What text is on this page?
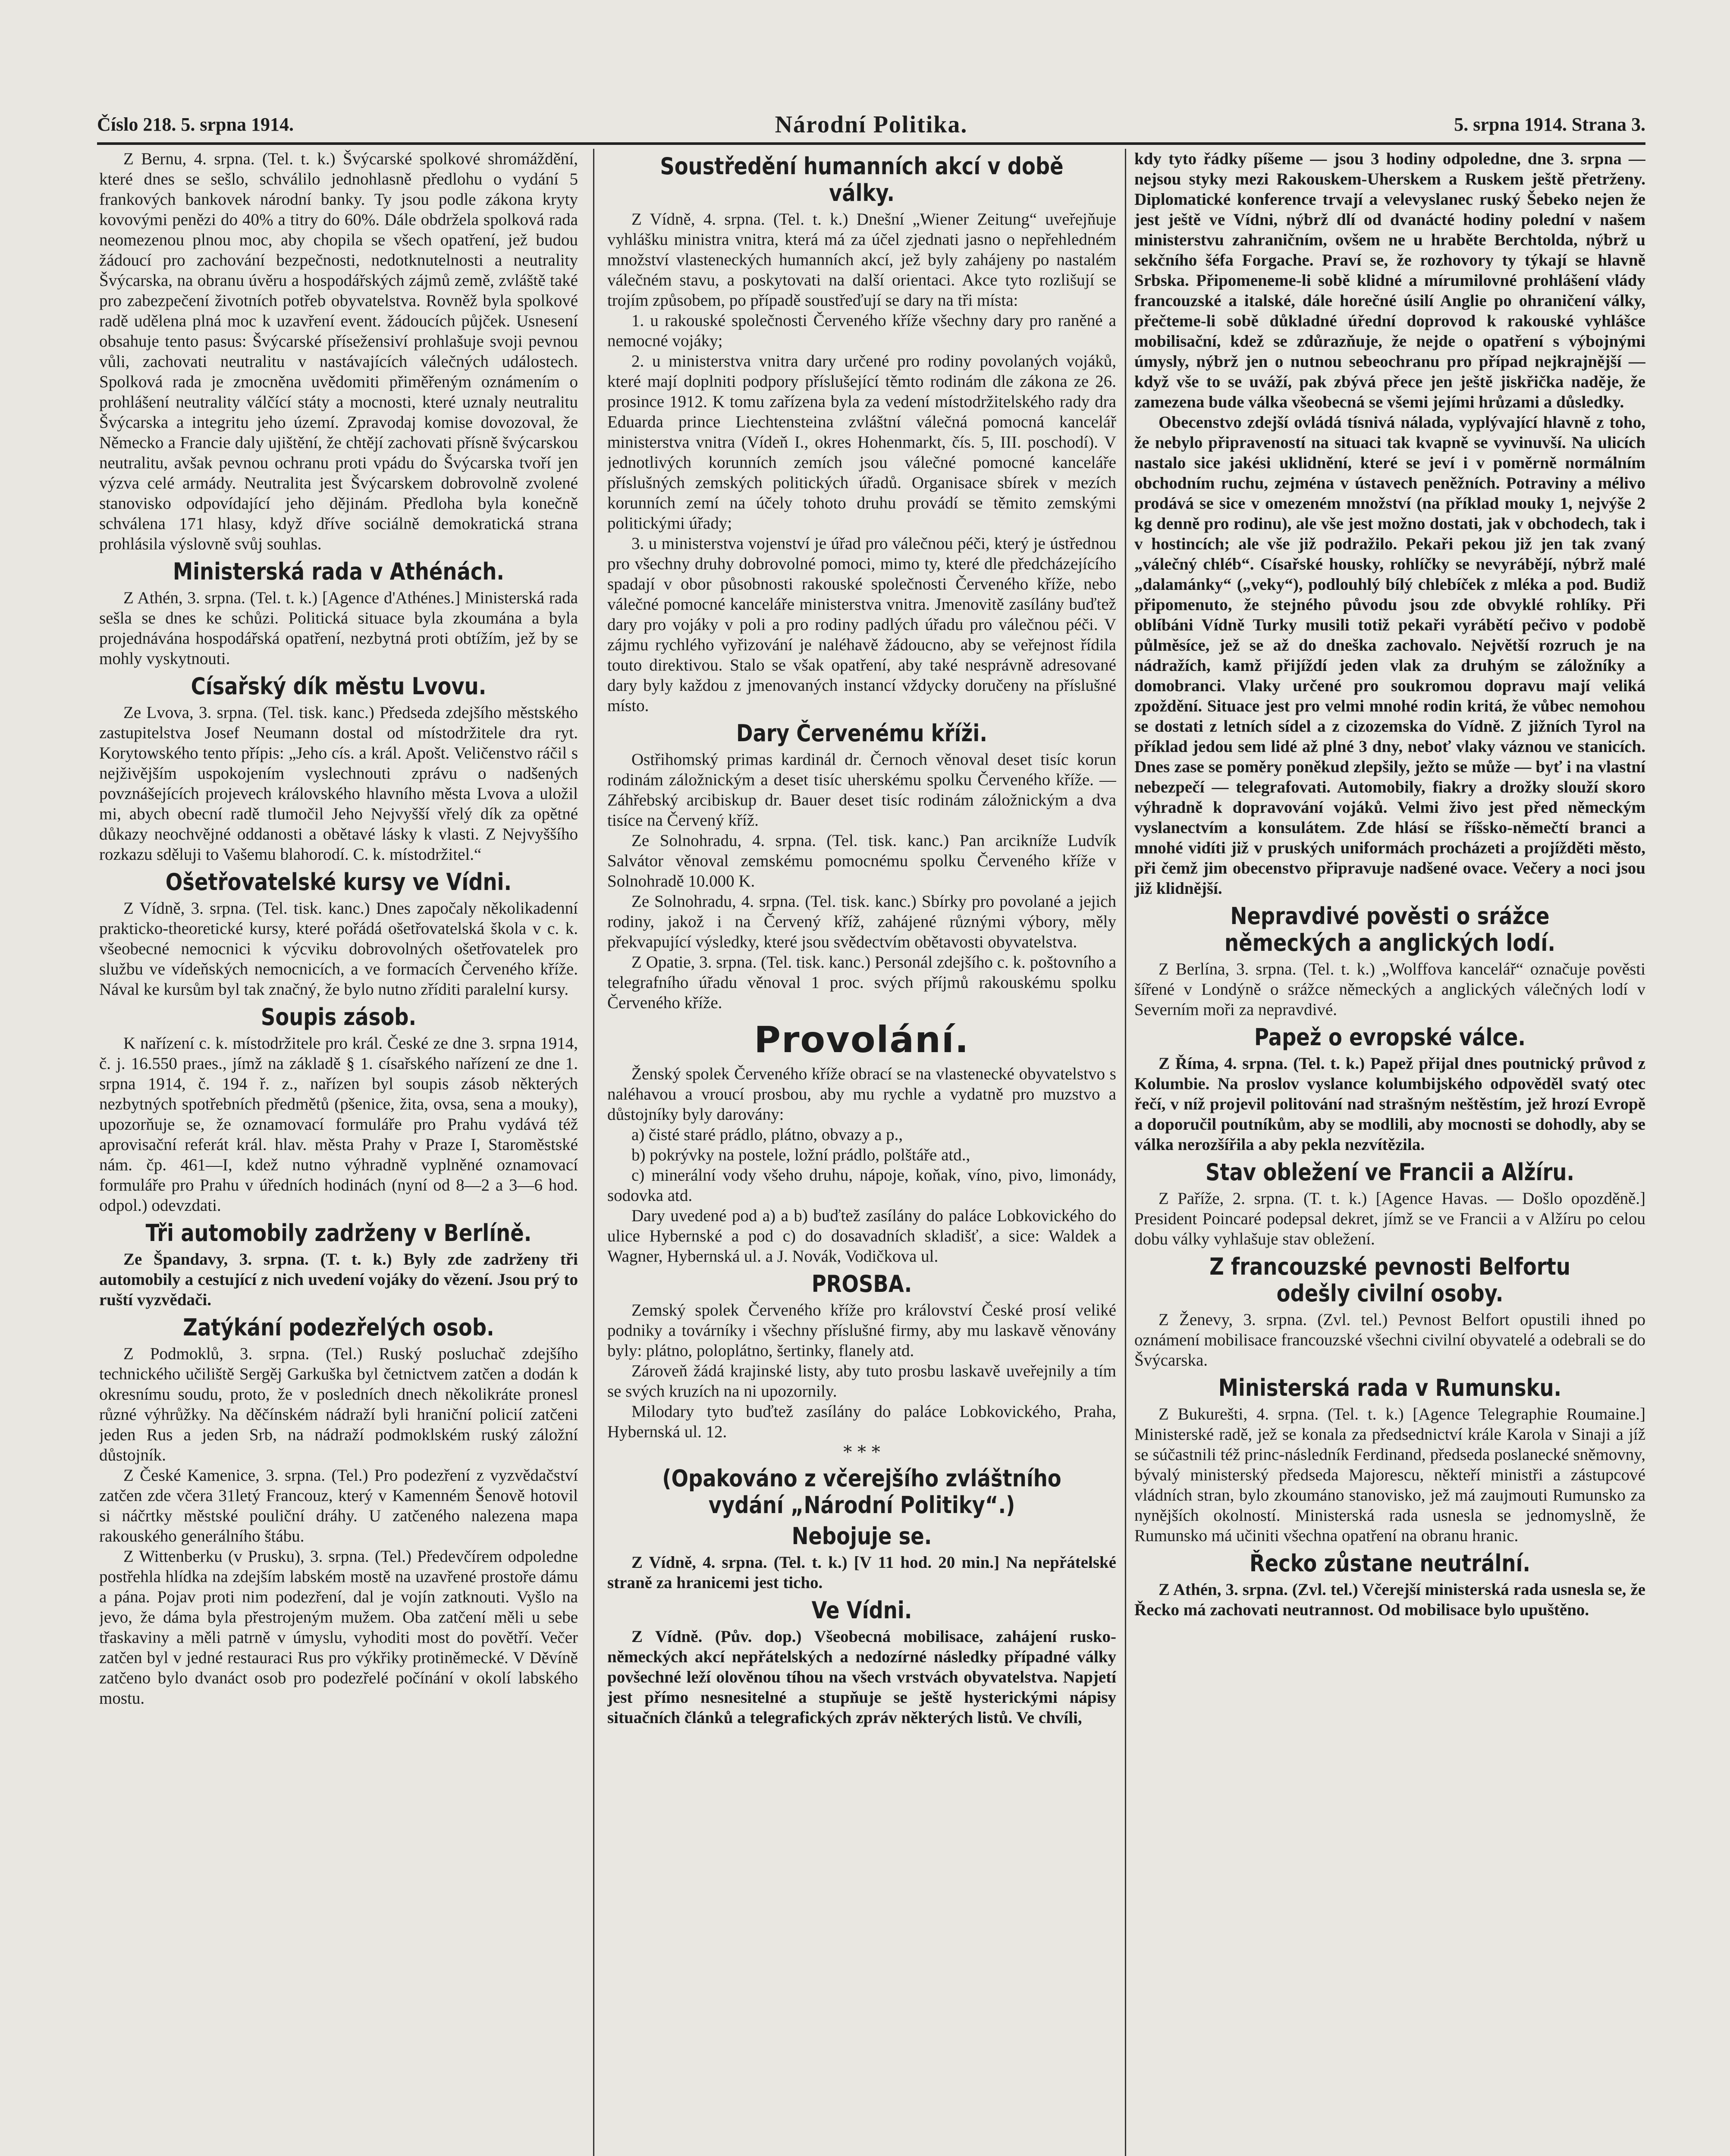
Číslo 218. 5. srpna 1914.	Národní Politika.	5. srpna 1914. Strana 3.

Z Bernu, 4. srpna. (Tel. t. k.) Švýcarské spolkové shromáždění, které dnes se sešlo, schválilo jednohlasně předlohu o vydání 5 frankových bankovek národní banky. Ty jsou podle zákona kryty kovovými penězi do 40% a titry do 60%. Dále obdržela spolková rada neomezenou plnou moc, aby chopila se všech opatření, jež budou žádoucí pro zachování bezpečnosti, nedotknutelnosti a neutrality Švýcarska, na obranu úvěru a hospodářských zájmů země, zvláště také pro zabezpečení životních potřeb obyvatelstva. Rovněž byla spolkové radě udělena plná moc k uzavření event. žádoucích půjček. Usnesení obsahuje tento pasus: Švýcarské přísežensiví prohlašuje svoji pevnou vůli, zachovati neutralitu v nastávajících válečných událostech. Spolková rada je zmocněna uvědomiti přiměřeným oznámením o prohlášení neutrality válčící státy a mocnosti, které uznaly neutralitu Švýcarska a integritu jeho území. Zpravodaj komise dovozoval, že Německo a Francie daly ujištění, že chtějí zachovati přísně švýcarskou neutralitu, avšak pevnou ochranu proti vpádu do Švýcarska tvoří jen výzva celé armády. Neutralita jest Švýcarskem dobrovolně zvolené stanovisko odpovídající jeho dějinám. Předloha byla konečně schválena 171 hlasy, když dříve sociálně demokratická strana prohlásila výslovně svůj souhlas.

Ministerská rada v Athénách.

Z Athén, 3. srpna. (Tel. t. k.) [Agence d'Athénes.] Ministerská rada sešla se dnes ke schůzi. Politická situace byla zkoumána a byla projednávána hospodářská opatření, nezbytná proti obtížím, jež by se mohly vyskytnouti.

Císařský dík městu Lvovu.

Ze Lvova, 3. srpna. (Tel. tisk. kanc.) Předseda zdejšího městského zastupitelstva Josef Neumann dostal od místodržitele dra ryt. Korytowského tento přípis: „Jeho cís. a král. Apošt. Veličenstvo ráčil s nejživějším uspokojením vyslechnouti zprávu o nadšených povznášejících projevech královského hlavního města Lvova a uložil mi, abych obecní radě tlumočil Jeho Nejvyšší vřelý dík za opětné důkazy neochvějné oddanosti a obětavé lásky k vlasti. Z Nejvyššího rozkazu sděluji to Vašemu blahorodí. C. k. místodržitel.“

Ošetřovatelské kursy ve Vídni.

Z Vídně, 3. srpna. (Tel. tisk. kanc.) Dnes započaly několikadenní prakticko-theoretické kursy, které pořádá ošetřovatelská škola v c. k. všeobecné nemocnici k výcviku dobrovolných ošetřovatelek pro službu ve vídeňských nemocnicích, a ve formacích Červeného kříže. Nával ke kursům byl tak značný, že bylo nutno zříditi paralelní kursy.

Soupis zásob.

K nařízení c. k. místodržitele pro král. České ze dne 3. srpna 1914, č. j. 16.550 praes., jímž na základě § 1. císařského nařízení ze dne 1. srpna 1914, č. 194 ř. z., nařízen byl soupis zásob některých nezbytných spotřebních předmětů (pšenice, žita, ovsa, sena a mouky), upozorňuje se, že oznamovací formuláře pro Prahu vydává též aprovisační referát král. hlav. města Prahy v Praze I, Staroměstské nám. čp. 461—I, kdež nutno výhradně vyplněné oznamovací formuláře pro Prahu v úředních hodinách (nyní od 8—2 a 3—6 hod. odpol.) odevzdati.

Tři automobily zadrženy v Berlíně.

Ze Špandavy, 3. srpna. (T. t. k.) Byly zde zadrženy tři automobily a cestující z nich uvedení vojáky do vězení. Jsou prý to ruští vyzvědači.

Zatýkání podezřelých osob.

Z Podmoklů, 3. srpna. (Tel.) Ruský posluchač zdejšího technického učiliště Sergěj Garkuška byl četnictvem zatčen a dodán k okresnímu soudu, proto, že v posledních dnech několikráte pronesl různé výhrůžky. Na děčínském nádraží byli hraniční policií zatčeni jeden Rus a jeden Srb, na nádraží podmoklském ruský záložní důstojník.

Z České Kamenice, 3. srpna. (Tel.) Pro podezření z vyzvědačství zatčen zde včera 31letý Francouz, který v Kamenném Šenově hotovil si náčrtky městské pouliční dráhy. U zatčeného nalezena mapa rakouského generálního štábu.

Z Wittenberku (v Prusku), 3. srpna. (Tel.) Předevčírem odpoledne postřehla hlídka na zdejším labském mostě na uzavřené prostoře dámu a pána. Pojav proti nim podezření, dal je vojín zatknouti. Vyšlo na jevo, že dáma byla přestrojeným mužem. Oba zatčení měli u sebe třaskaviny a měli patrně v úmyslu, vyhoditi most do povětří. Večer zatčen byl v jedné restauraci Rus pro výkřiky protiněmecké. V Děvíně zatčeno bylo dvanáct osob pro podezřelé počínání v okolí labského mostu.

Soustředění humanních akcí v době války.

Z Vídně, 4. srpna. (Tel. t. k.) Dnešní „Wiener Zeitung“ uveřejňuje vyhlášku ministra vnitra, která má za účel zjednati jasno o nepřehledném množství vlasteneckých humanních akcí, jež byly zahájeny po nastalém válečném stavu, a poskytovati na další orientaci. Akce tyto rozlišují se trojím způsobem, po případě soustřeďují se dary na tři místa:

1. u rakouské společnosti Červeného kříže všechny dary pro raněné a nemocné vojáky;

2. u ministerstva vnitra dary určené pro rodiny povolaných vojáků, které mají doplniti podpory příslušející těmto rodinám dle zákona ze 26. prosince 1912. K tomu zařízena byla za vedení místodržitelského rady dra Eduarda prince Liechtensteina zvláštní válečná pomocná kancelář ministerstva vnitra (Vídeň I., okres Hohenmarkt, čís. 5, III. poschodí). V jednotlivých korunních zemích jsou válečné pomocné kanceláře příslušných zemských politických úřadů. Organisace sbírek v mezích korunních zemí na účely tohoto druhu provádí se těmito zemskými politickými úřady;

3. u ministerstva vojenství je úřad pro válečnou péči, který je ústřednou pro všechny druhy dobrovolné pomoci, mimo ty, které dle předcházejícího spadají v obor působnosti rakouské společnosti Červeného kříže, nebo válečné pomocné kanceláře ministerstva vnitra. Jmenovitě zasílány buďtež dary pro vojáky v poli a pro rodiny padlých úřadu pro válečnou péči. V zájmu rychlého vyřizování je naléhavě žádoucno, aby se veřejnost řídila touto direktivou. Stalo se však opatření, aby také nesprávně adresované dary byly každou z jmenovaných instancí vždycky doručeny na příslušné místo.

Dary Červenému kříži.

Ostřihomský primas kardinál dr. Černoch věnoval deset tisíc korun rodinám záložnickým a deset tisíc uherskému spolku Červeného kříže. — Záhřebský arcibiskup dr. Bauer deset tisíc rodinám záložnickým a dva tisíce na Červený kříž.

Ze Solnohradu, 4. srpna. (Tel. tisk. kanc.) Pan arcikníže Ludvík Salvátor věnoval zemskému pomocnému spolku Červeného kříže v Solnohradě 10.000 K.

Ze Solnohradu, 4. srpna. (Tel. tisk. kanc.) Sbírky pro povolané a jejich rodiny, jakož i na Červený kříž, zahájené různými výbory, měly překvapující výsledky, které jsou svědectvím obětavosti obyvatelstva.

Z Opatie, 3. srpna. (Tel. tisk. kanc.) Personál zdejšího c. k. poštovního a telegrafního úřadu věnoval 1 proc. svých příjmů rakouskému spolku Červeného kříže.

Provolání.

Ženský spolek Červeného kříže obrací se na vlastenecké obyvatelstvo s naléhavou a vroucí prosbou, aby mu rychle a vydatně pro muzstvo a důstojníky byly darovány:

a) čisté staré prádlo, plátno, obvazy a p.,

b) pokrývky na postele, ložní prádlo, polštáře atd.,

c) minerální vody všeho druhu, nápoje, koňak, víno, pivo, limonády, sodovka atd.

Dary uvedené pod a) a b) buďtež zasílány do paláce Lobkovického do ulice Hybernské a pod c) do dosavadních skladišť, a sice: Waldek a Wagner, Hybernská ul. a J. Novák, Vodičkova ul.

PROSBA.

Zemský spolek Červeného kříže pro království České prosí veliké podniky a továrníky i všechny příslušné firmy, aby mu laskavě věnovány byly: plátno, poloplátno, šertinky, flanely atd.

Zároveň žádá krajinské listy, aby tuto prosbu laskavě uveřejnily a tím se svých kruzích na ni upozornily.

Milodary tyto buďtež zasílány do paláce Lobkovického, Praha, Hybernská ul. 12.

* * *
(Opakováno z včerejšího zvláštního vydání „Národní Politiky“.)
Nebojuje se.

Z Vídně, 4. srpna. (Tel. t. k.) [V 11 hod. 20 min.] Na nepřátelské straně za hranicemi jest ticho.

Ve Vídni.

Z Vídně. (Pův. dop.) Všeobecná mobilisace, zahájení rusko-německých akcí nepřátelských a nedozírné následky případné války povšechné leží olověnou tíhou na všech vrstvách obyvatelstva. Napjetí jest přímo nesnesitelné a stupňuje se ještě hysterickými nápisy situačních článků a telegrafických zpráv některých listů. Ve chvíli,

kdy tyto řádky píšeme — jsou 3 hodiny odpoledne, dne 3. srpna — nejsou styky mezi Rakouskem-Uherskem a Ruskem ještě přetrženy. Diplomatické konference trvají a velevyslanec ruský Šebeko nejen že jest ještě ve Vídni, nýbrž dlí od dvanácté hodiny polední v našem ministerstvu zahraničním, ovšem ne u hraběte Berchtolda, nýbrž u sekčního šéfa Forgache. Praví se, že rozhovory ty týkají se hlavně Srbska. Připomeneme-li sobě klidné a mírumilovné prohlášení vlády francouzské a italské, dále horečné úsilí Anglie po ohraničení války, přečteme-li sobě důkladné úřední doprovod k rakouské vyhlášce mobilisační, kdež se zdůrazňuje, že nejde o opatření s výbojnými úmysly, nýbrž jen o nutnou sebeochranu pro případ nejkrajnější — když vše to se uváží, pak zbývá přece jen ještě jiskřička naděje, že zamezena bude válka všeobecná se všemi jejími hrůzami a důsledky.

Obecenstvo zdejší ovládá tísnivá nálada, vyplývající hlavně z toho, že nebylo připraveností na situaci tak kvapně se vyvinuvší. Na ulicích nastalo sice jakési uklidnění, které se jeví i v poměrně normálním obchodním ruchu, zejména v ústavech peněžních. Potraviny a mélivo prodává se sice v omezeném množství (na příklad mouky 1, nejvýše 2 kg denně pro rodinu), ale vše jest možno dostati, jak v obchodech, tak i v hostincích; ale vše již podražilo. Pekaři pekou již jen tak zvaný „válečný chléb“. Císařské housky, rohlíčky se nevyrábějí, nýbrž malé „dalamánky“ („veky“), podlouhlý bílý chlebíček z mléka a pod. Budiž připomenuto, že stejného původu jsou zde obvyklé rohlíky. Při oblíbáni Vídně Turky musili totiž pekaři vyrábětí pečivo v podobě půlměsíce, jež se až do dneška zachovalo. Největší rozruch je na nádražích, kamž přijíždí jeden vlak za druhým se záložníky a domobranci. Vlaky určené pro soukromou dopravu mají veliká zpoždění. Situace jest pro velmi mnohé rodin kritá, že vůbec nemohou se dostati z letních sídel a z cizozemska do Vídně. Z jižních Tyrol na příklad jedou sem lidé až plné 3 dny, neboť vlaky váznou ve stanicích. Dnes zase se poměry poněkud zlepšily, ježto se může — byť i na vlastní nebezpečí — telegrafovati. Automobily, fiakry a drožky slouží skoro výhradně k dopravování vojáků. Velmi živo jest před německým vyslanectvím a konsulátem. Zde hlásí se říšsko-němečtí branci a mnohé vidíti již v pruských uniformách procházeti a projížděti město, při čemž jim obecenstvo připravuje nadšené ovace. Večery a noci jsou již klidnější.

Nepravdivé pověsti o srážce německých a anglických lodí.

Z Berlína, 3. srpna. (Tel. t. k.) „Wolffova kancelář“ označuje pověsti šířené v Londýně o srážce německých a anglických válečných lodí v Severním moři za nepravdivé.

Papež o evropské válce.

Z Říma, 4. srpna. (Tel. t. k.) Papež přijal dnes poutnický průvod z Kolumbie. Na proslov vyslance kolumbijského odpověděl svatý otec řečí, v níž projevil politování nad strašným neštěstím, jež hrozí Evropě a doporučil poutníkům, aby se modlili, aby mocnosti se dohodly, aby se válka nerozšířila a aby pekla nezvítězila.

Stav obležení ve Francii a Alžíru.

Z Paříže, 2. srpna. (T. t. k.) [Agence Havas. — Došlo opozděně.] President Poincaré podepsal dekret, jímž se ve Francii a v Alžíru po celou dobu války vyhlašuje stav obležení.

Z francouzské pevnosti Belfortu odešly civilní osoby.

Z Ženevy, 3. srpna. (Zvl. tel.) Pevnost Belfort opustili ihned po oznámení mobilisace francouzské všechni civilní obyvatelé a odebrali se do Švýcarska.

Ministerská rada v Rumunsku.

Z Bukurešti, 4. srpna. (Tel. t. k.) [Agence Telegraphie Roumaine.] Ministerské radě, jež se konala za předsednictví krále Karola v Sinaji a jíž se súčastnili též princ-následník Ferdinand, předseda poslanecké sněmovny, bývalý ministerský předseda Majorescu, někteří ministři a zástupcové vládních stran, bylo zkoumáno stanovisko, jež má zaujmouti Rumunsko za nynějších okolností. Ministerská rada usnesla se jednomyslně, že Rumunsko má učiniti všechna opatření na obranu hranic.

Řecko zůstane neutrální.

Z Athén, 3. srpna. (Zvl. tel.) Včerejší ministerská rada usnesla se, že Řecko má zachovati neutrannost. Od mobilisace bylo upuštěno.
